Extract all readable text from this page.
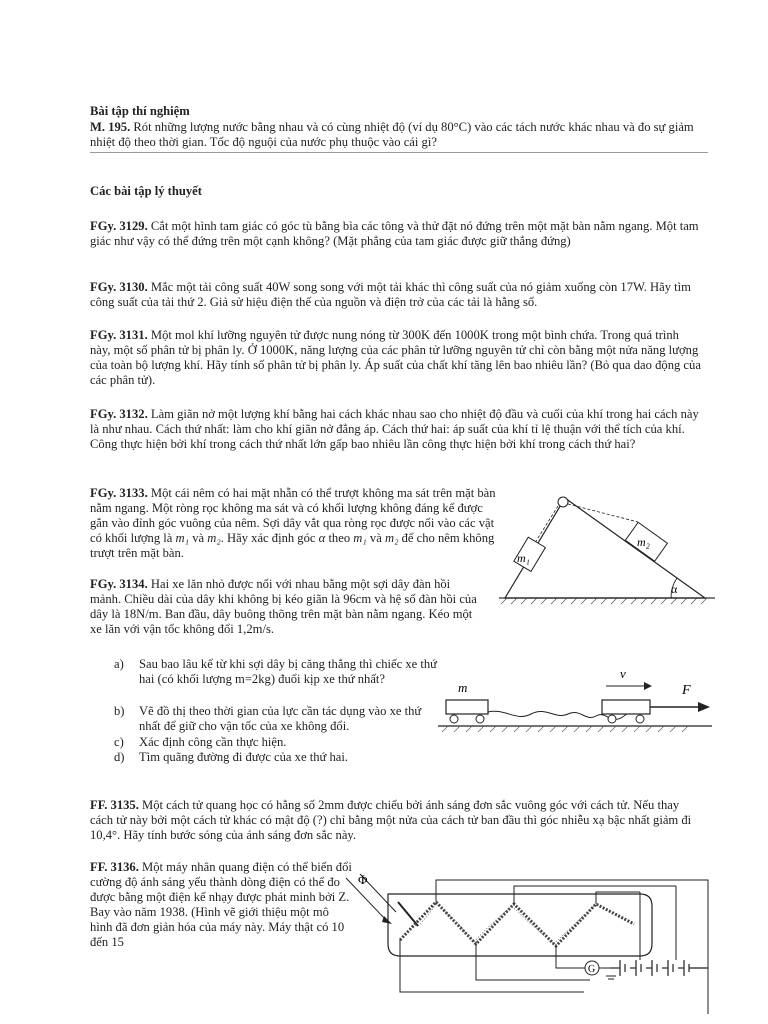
Bài tập thí nghiệm
M. 195. Rót những lượng nước bằng nhau và có cùng nhiệt độ (ví dụ 80°C) vào các tách nước khác nhau và đo sự giảm nhiệt độ theo thời gian. Tốc độ nguội của nước phụ thuộc vào cái gì?
Các bài tập lý thuyết
FGy. 3129. Cắt một hình tam giác có góc tù bằng bìa các tông và thử đặt nó đứng trên một mặt bàn nằm ngang. Một tam giác như vậy có thể đứng trên một cạnh không? (Mặt phẳng của tam giác được giữ thẳng đứng)
FGy. 3130. Mắc một tải công suất 40W song song với một tải khác thì công suất của nó giảm xuống còn 17W. Hãy tìm công suất của tải thứ 2. Giả sử hiệu điện thế của nguồn và điện trở của các tải là hằng số.
FGy. 3131. Một mol khí lưỡng nguyên tử được nung nóng từ 300K đến 1000K trong một bình chứa. Trong quá trình này, một số phân tử bị phân ly. Ở 1000K, năng lượng của các phân tử lưỡng nguyên tử chỉ còn bằng một nửa năng lượng của toàn bộ lượng khí. Hãy tính số phân tử bị phân ly. Áp suất của chất khí tăng lên bao nhiêu lần? (Bỏ qua dao động của các phân tử).
FGy. 3132. Làm giãn nở một lượng khí bằng hai cách khác nhau sao cho nhiệt độ đầu và cuối của khí trong hai cách này là như nhau. Cách thứ nhất: làm cho khí giãn nở đẳng áp. Cách thứ hai: áp suất của khí tỉ lệ thuận với thể tích của khí. Công thực hiện bởi khí trong cách thứ nhất lớn gấp bao nhiêu lần công thực hiện bởi khí trong cách thứ hai?
FGy. 3133. Một cái nêm có hai mặt nhẵn có thể trượt không ma sát trên mặt bàn nằm ngang. Một ròng rọc không ma sát và có khối lượng không đáng kể được gắn vào đỉnh góc vuông của nêm. Sợi dây vắt qua ròng rọc được nối vào các vật có khối lượng là m₁ và m₂. Hãy xác định góc α theo m₁ và m₂ để cho nêm không trượt trên mặt bàn.	m₁
m₂
α
FGy. 3134. Hai xe lăn nhỏ được nối với nhau bằng một sợi dây đàn hồi mảnh. Chiều dài của dây khi không bị kéo giãn là 96cm và hệ số đàn hồi của dây là 18N/m. Ban đầu, dây buông thõng trên mặt bàn nằm ngang. Kéo một xe lăn với vận tốc không đổi 1,2m/s.
a) Sau bao lâu kể từ khi sợi dây bị căng thẳng thì chiếc xe thứ hai (có khối lượng m=2kg) đuổi kịp xe thứ nhất?
b) Vẽ đồ thị theo thời gian của lực cần tác dụng vào xe thứ nhất để giữ cho vận tốc của xe không đổi.
c) Xác định công cần thực hiện.
d) Tìm quãng đường đi được của xe thứ hai.
m
v
F
FF. 3135. Một cách tử quang học có hằng số 2mm được chiếu bởi ánh sáng đơn sắc vuông góc với cách tử. Nếu thay cách tử này bởi một cách tử khác có mật độ (?) chỉ bằng một nửa của cách tử ban đầu thì góc nhiễu xạ bậc nhất giảm đi 10,4°. Hãy tính bước sóng của ánh sáng đơn sắc này.
FF. 3136. Một máy nhân quang điện có thể biến đổi cường độ ánh sáng yếu thành dòng điện có thể đo được bằng một điện kế nhạy được phát minh bởi Z. Bay vào năm 1938. (Hình vẽ giới thiệu một mô hình đã đơn giản hóa của máy này. Máy thật có 10 đến 15
Φ
G
